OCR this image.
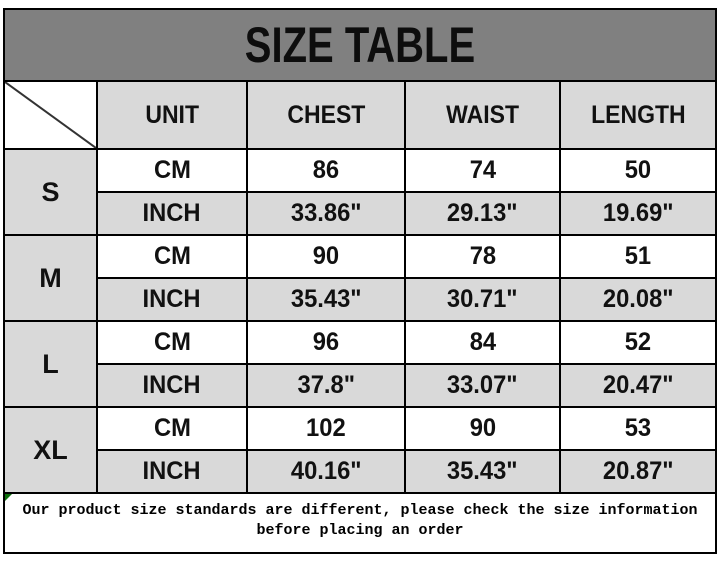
SIZE TABLE
UNIT	CHEST	WAIST	LENGTH
S
CM	86	74	50
INCH	33.86"	29.13"	19.69"
M
CM	90	78	51
INCH	35.43"	30.71"	20.08"
L
CM	96	84	52
INCH	37.8"	33.07"	20.47"
XL
CM	102	90	53
INCH	40.16"	35.43"	20.87"
Our product size standards are different, please check the size information
before placing an order
